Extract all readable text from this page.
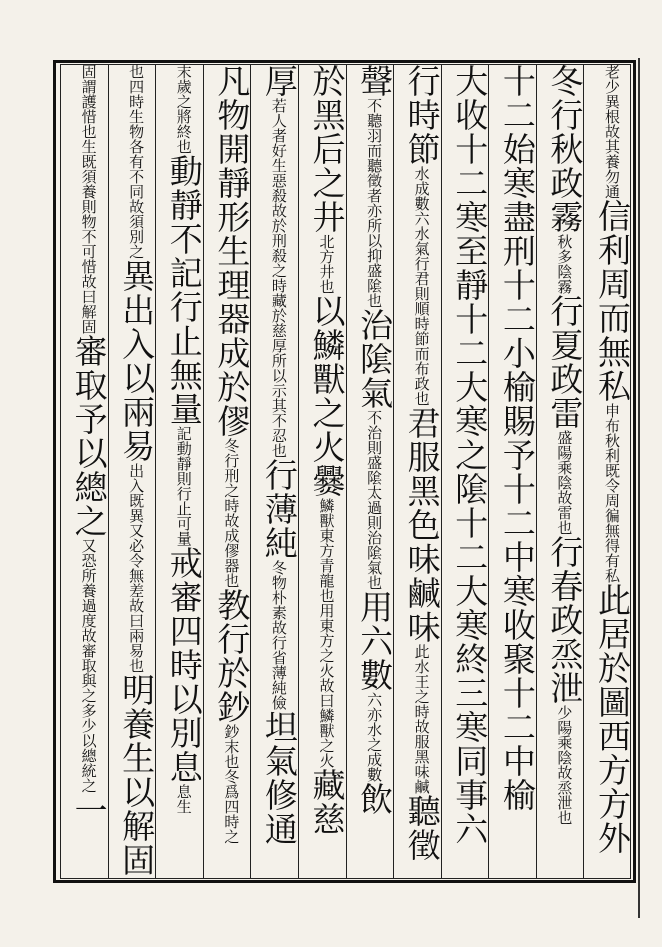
老少異根故其養勿通信利周而無私申布秋利既令周徧無得有私此居於圖西方方外
冬行秋政霧秋多陰霧行夏政雷盛陽乘陰故雷也行春政烝泄少陽乘陰故烝泄也
十二始寒盡刑十二小榆賜予十二中寒收聚十二中榆
大收十二寒至靜十二大寒之隂十二大寒終三寒同事六
行時節水成數六水氣行君則順時節而布政也君服黑色味鹹味此水王之時故服黑味鹹聽徵
聲不聽羽而聽徵者亦所以抑盛隂也治隂氣不治則盛隂太過則治隂氣也用六數六亦水之成數飲
於黑后之井北方井也以鱗獸之火爨鱗獸東方青龍也用東方之火故曰鱗獸之火藏慈
厚若人者好生惡殺故於刑殺之時藏於慈厚所以示其不忍也行薄純冬物朴素故行省薄純儉坦氣修通
凡物開靜形生理器成於僇冬行刑之時故成僇器也教行於鈔鈔末也冬爲四時之
末歲之將終也動靜不記行止無量記動靜則行止可量戒審四時以別息息生
也四時生物各有不同故須別之異出入以兩易出入既異又必令無差故曰兩易也明養生以解固
固謂護惜也生既須養則物不可惜故曰解固審取予以總之又恐所養過度故審取與之多少以總統之一
